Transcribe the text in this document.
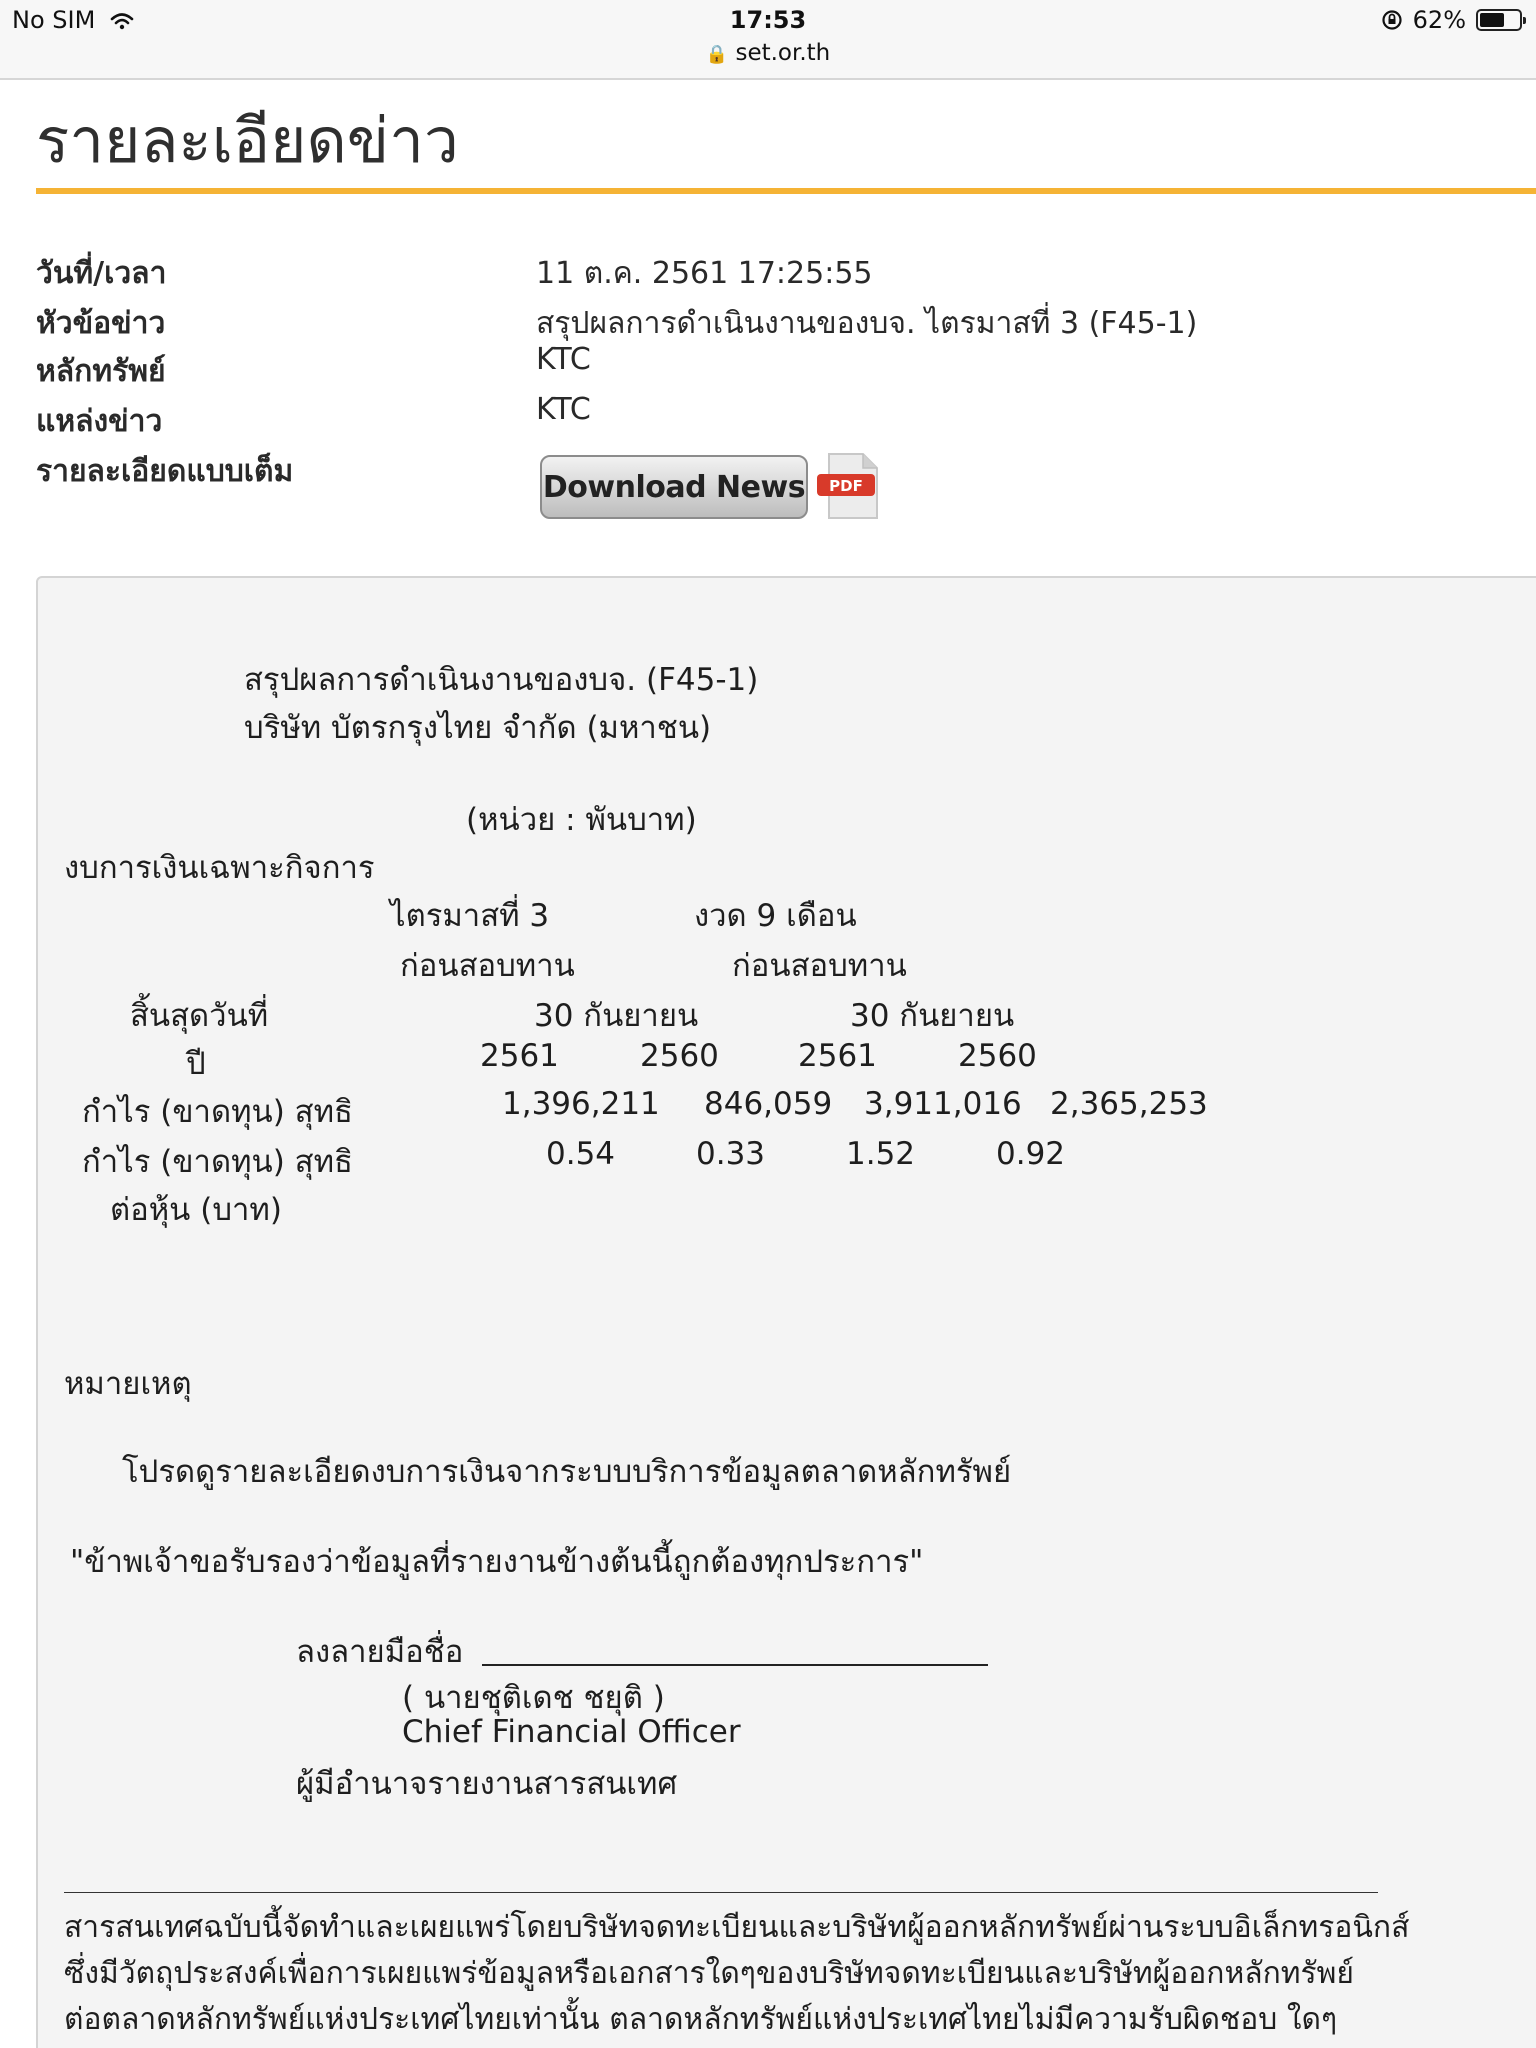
No SIM	17:53
🔒 set.or.th
62%
รายละเอียดข่าว
วันที่/เวลา	11 ต.ค. 2561 17:25:55
หัวข้อข่าว	สรุปผลการดำเนินงานของบจ. ไตรมาสที่ 3 (F45-1)
หลักทรัพย์	KTC
แหล่งข่าว	KTC
รายละเอียดแบบเต็ม	Download News PDF
สรุปผลการดำเนินงานของบจ. (F45-1)
บริษัท บัตรกรุงไทย จำกัด (มหาชน)
(หน่วย : พันบาท)
งบการเงินเฉพาะกิจการ
ไตรมาสที่ 3	งวด 9 เดือน
ก่อนสอบทาน	ก่อนสอบทาน
สิ้นสุดวันที่	30 กันยายน	30 กันยายน
ปี	2561	2560	2561	2560
กำไร (ขาดทุน) สุทธิ	1,396,211 846,059 3,911,016 2,365,253
กำไร (ขาดทุน) สุทธิ	0.54	0.33	1.52	0.92
ต่อหุ้น (บาท)
หมายเหตุ
โปรดดูรายละเอียดงบการเงินจากระบบบริการข้อมูลตลาดหลักทรัพย์
"ข้าพเจ้าขอรับรองว่าข้อมูลที่รายงานข้างต้นนี้ถูกต้องทุกประการ"
ลงลายมือชื่อ
( นายชุติเดช ชยุติ )
Chief Financial Officer
ผู้มีอำนาจรายงานสารสนเทศ
สารสนเทศฉบับนี้จัดทำและเผยแพร่โดยบริษัทจดทะเบียนและบริษัทผู้ออกหลักทรัพย์ผ่านระบบอิเล็กทรอนิกส์
ซึ่งมีวัตถุประสงค์เพื่อการเผยแพร่ข้อมูลหรือเอกสารใดๆของบริษัทจดทะเบียนและบริษัทผู้ออกหลักทรัพย์
ต่อตลาดหลักทรัพย์แห่งประเทศไทยเท่านั้น ตลาดหลักทรัพย์แห่งประเทศไทยไม่มีความรับผิดชอบ ใดๆ
